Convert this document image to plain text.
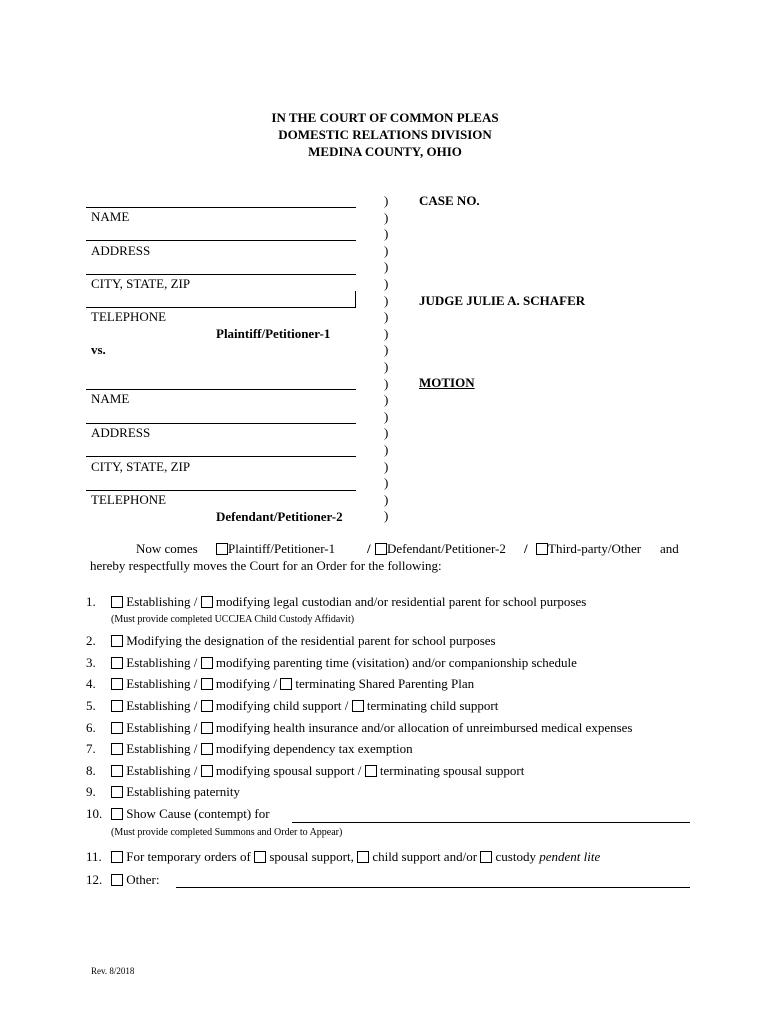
IN THE COURT OF COMMON PLEAS
DOMESTIC RELATIONS DIVISION
MEDINA COUNTY, OHIO
NAME
ADDRESS
CITY, STATE, ZIP
TELEPHONE
Plaintiff/Petitioner-1
vs.
NAME
ADDRESS
CITY, STATE, ZIP
TELEPHONE
Defendant/Petitioner-2
)
)
)
)
)
)
)
)
)
)
)
)
)
)
)
)
)
)
)
)
CASE NO.
JUDGE JULIE A. SCHAFER
MOTION
Now comes	Plaintiff/Petitioner-1 /	Defendant/Petitioner-2 /	Third-party/Other and
hereby respectfully moves the Court for an Order for the following:
1.	Establishing / modifying legal custodian and/or residential parent for school purposes
(Must provide completed UCCJEA Child Custody Affidavit)
2.	Modifying the designation of the residential parent for school purposes
3.	Establishing / modifying parenting time (visitation) and/or companionship schedule
4.	Establishing / modifying / terminating Shared Parenting Plan
5.	Establishing / modifying child support / terminating child support
6.	Establishing / modifying health insurance and/or allocation of unreimbursed medical expenses
7.	Establishing / modifying dependency tax exemption
8.	Establishing / modifying spousal support / terminating spousal support
9.	Establishing paternity
10.	Show Cause (contempt) for
(Must provide completed Summons and Order to Appear)
11.	For temporary orders of spousal support, child support and/or custody pendent lite
12.	Other:
Rev. 8/2018
